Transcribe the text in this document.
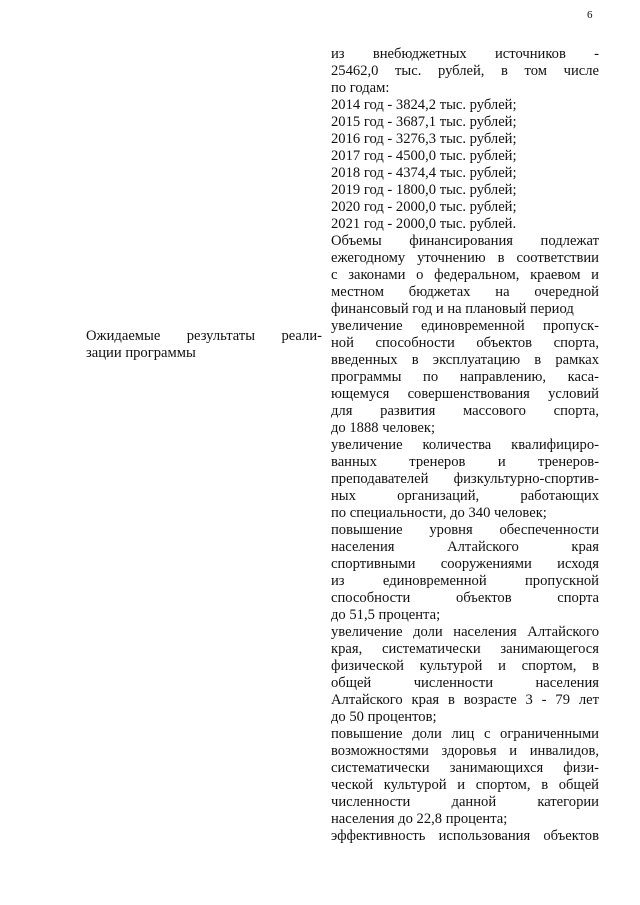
6
Ожидаемые результаты реали-
зации программы
из внебюджетных источников -
25462,0 тыс. рублей, в том числе
по годам:
2014 год - 3824,2 тыс. рублей;
2015 год - 3687,1 тыс. рублей;
2016 год - 3276,3 тыс. рублей;
2017 год - 4500,0 тыс. рублей;
2018 год - 4374,4 тыс. рублей;
2019 год - 1800,0 тыс. рублей;
2020 год - 2000,0 тыс. рублей;
2021 год - 2000,0 тыс. рублей.
Объемы финансирования подлежат
ежегодному уточнению в соответствии
с законами о федеральном, краевом и
местном бюджетах на очередной
финансовый год и на плановый период
увеличение единовременной пропуск-
ной способности объектов спорта,
введенных в эксплуатацию в рамках
программы по направлению, каса-
ющемуся совершенствования условий
для развития массового спорта,
до 1888 человек;
увеличение количества квалифициро-
ванных тренеров и тренеров-
преподавателей физкультурно-спортив-
ных организаций, работающих
по специальности, до 340 человек;
повышение уровня обеспеченности
населения Алтайского края
спортивными сооружениями исходя
из единовременной пропускной
способности объектов спорта
до 51,5 процента;
увеличение доли населения Алтайского
края, систематически занимающегося
физической культурой и спортом, в
общей численности населения
Алтайского края в возрасте 3 - 79 лет
до 50 процентов;
повышение доли лиц с ограниченными
возможностями здоровья и инвалидов,
систематически занимающихся физи-
ческой культурой и спортом, в общей
численности данной категории
населения до 22,8 процента;
эффективность использования объектов
